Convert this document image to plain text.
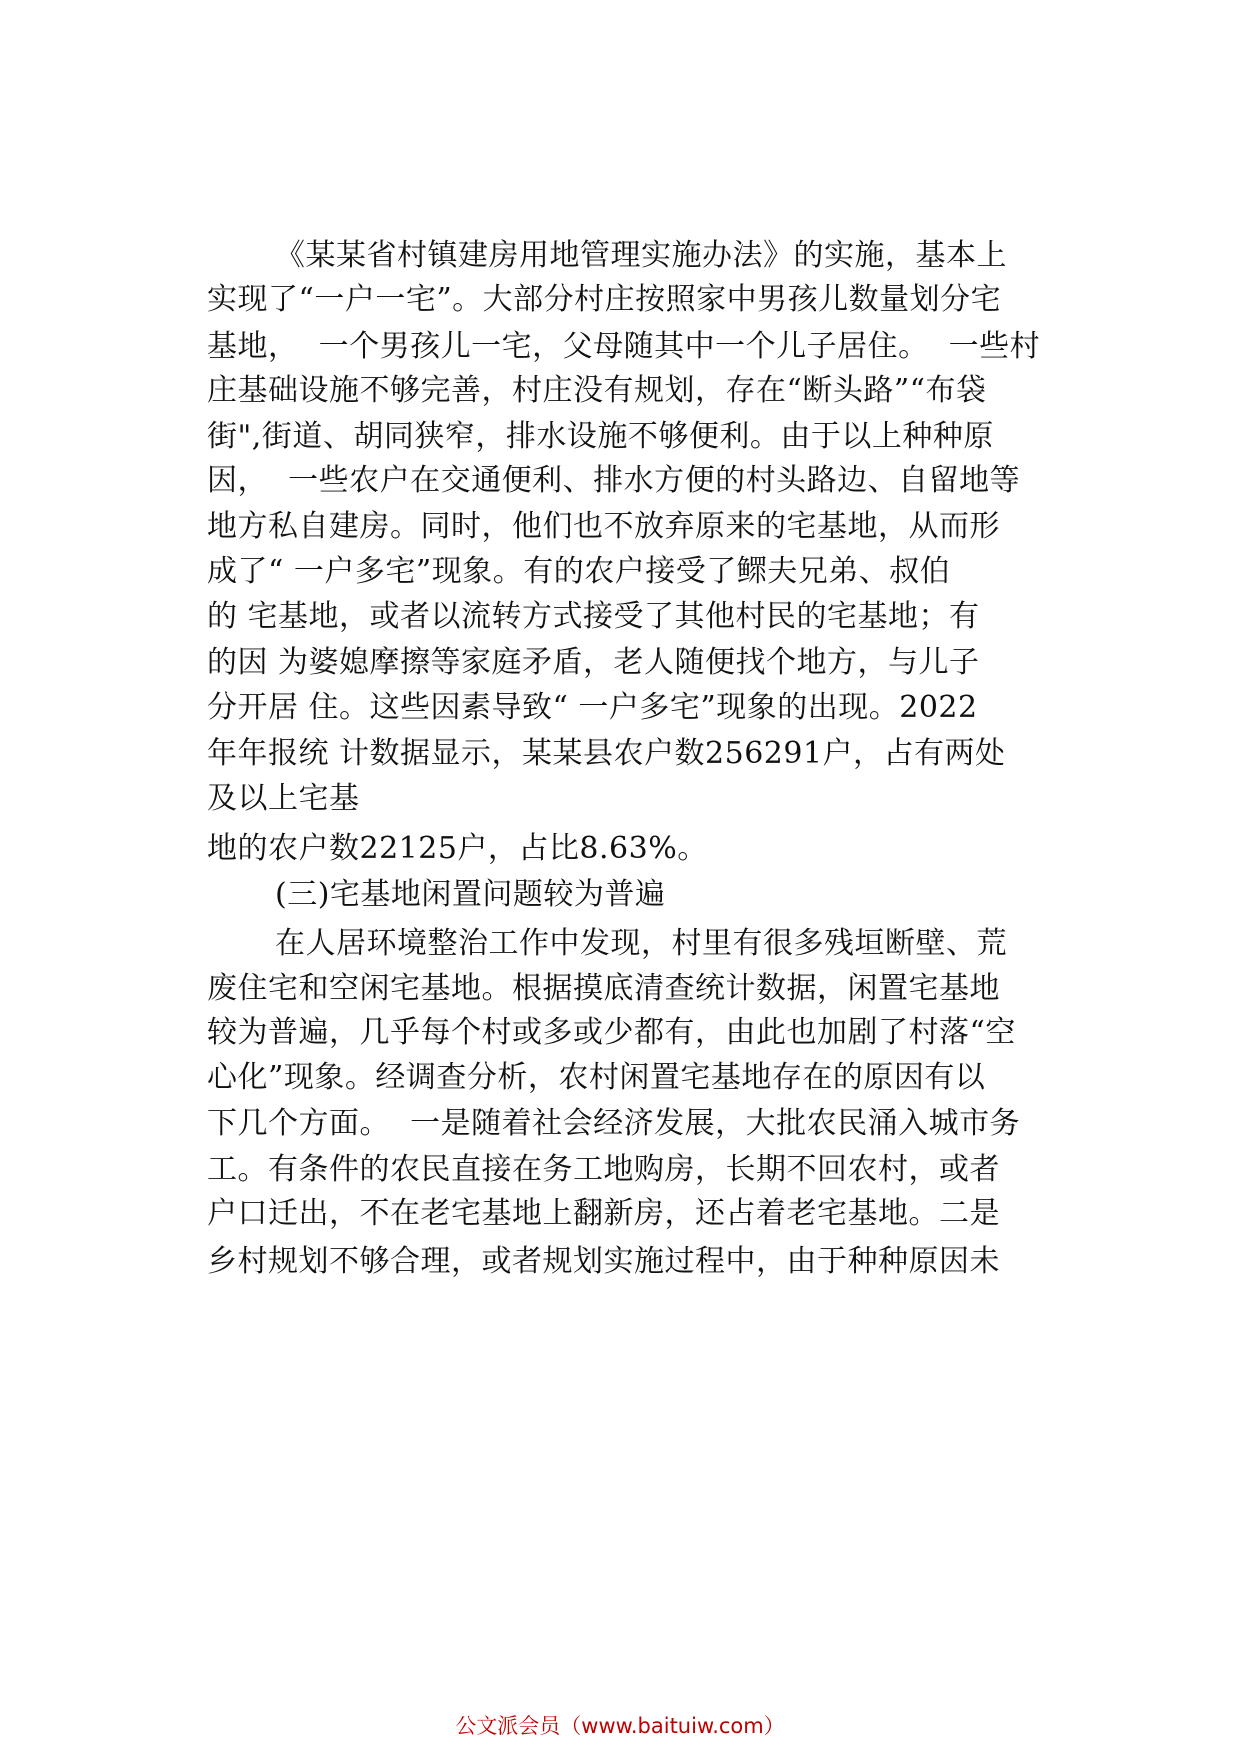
《某某省村镇建房用地管理实施办法》的实施，基本上
实现了“一户一宅”。大部分村庄按照家中男孩儿数量划分宅
基地，  一个男孩儿一宅，父母随其中一个儿子居住。  一些村
庄基础设施不够完善，村庄没有规划，存在“断头路”“布袋
街",街道、胡同狭窄，排水设施不够便利。由于以上种种原
因，  一些农户在交通便利、排水方便的村头路边、自留地等
地方私自建房。同时，他们也不放弃原来的宅基地，从而形
成了“ 一户多宅”现象。有的农户接受了鳏夫兄弟、叔伯
的 宅基地，或者以流转方式接受了其他村民的宅基地；有
的因 为婆媳摩擦等家庭矛盾，老人随便找个地方，与儿子
分开居 住。这些因素导致“ 一户多宅”现象的出现。2022
年年报统 计数据显示，某某县农户数256291户，占有两处
及以上宅基
地的农户数22125户，占比8.63%。
(三)宅基地闲置问题较为普遍
在人居环境整治工作中发现，村里有很多残垣断壁、荒
废住宅和空闲宅基地。根据摸底清查统计数据，闲置宅基地
较为普遍，几乎每个村或多或少都有，由此也加剧了村落“空
心化”现象。经调查分析，农村闲置宅基地存在的原因有以
下几个方面。  一是随着社会经济发展，大批农民涌入城市务
工。有条件的农民直接在务工地购房，长期不回农村，或者
户口迁出，不在老宅基地上翻新房，还占着老宅基地。二是
乡村规划不够合理，或者规划实施过程中，由于种种原因未
公文派会员（www.baituiw.com）
